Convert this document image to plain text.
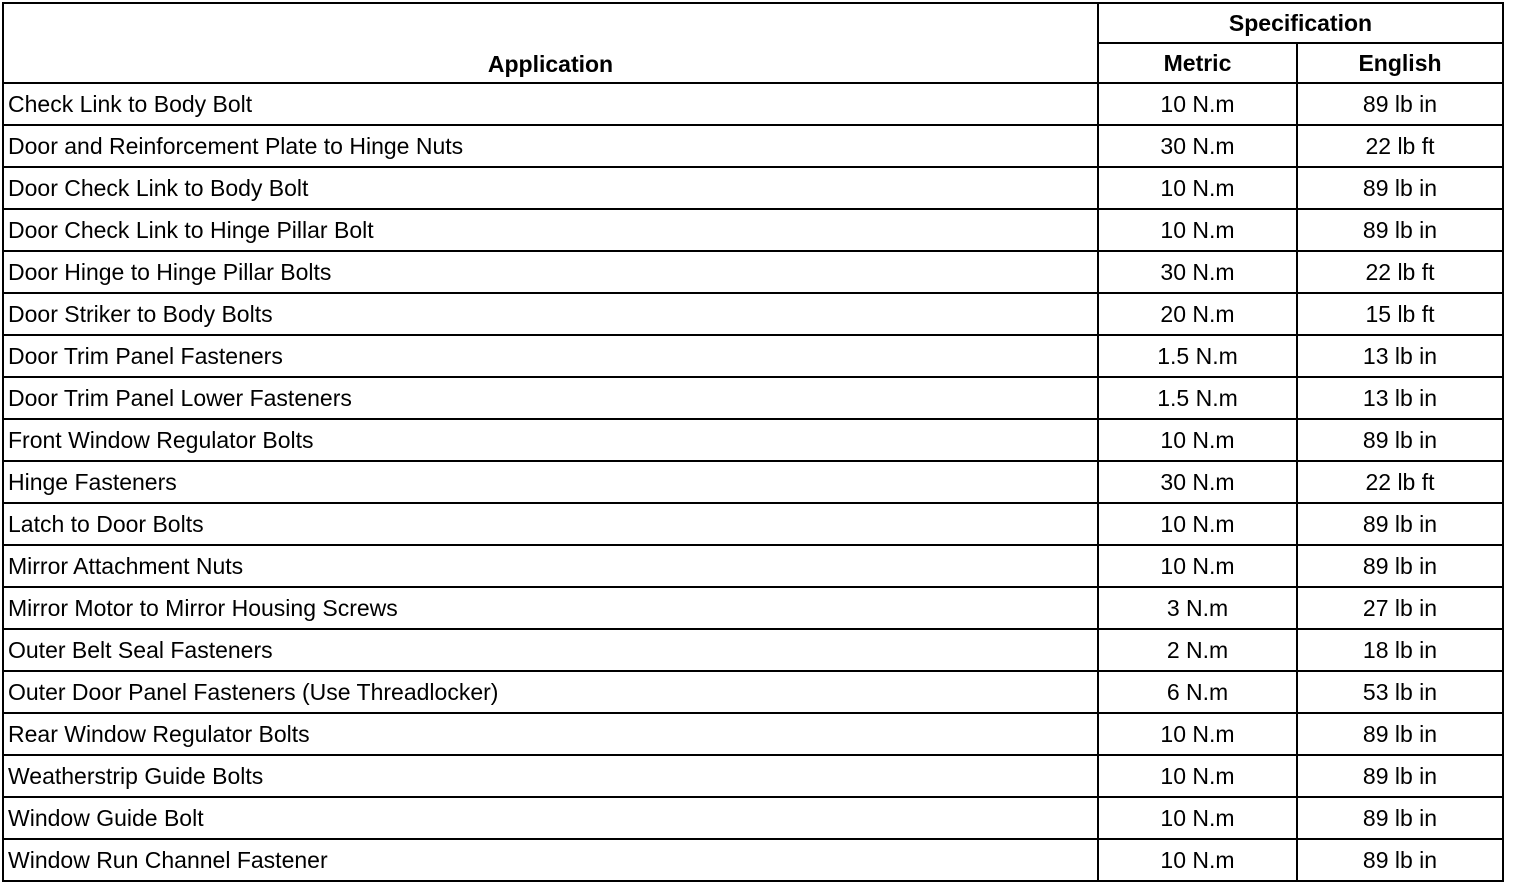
Application	Specification	
	Metric	English
Check Link to Body Bolt	10 N.m	89 lb in
Door and Reinforcement Plate to Hinge Nuts	30 N.m	22 lb ft
Door Check Link to Body Bolt	10 N.m	89 lb in
Door Check Link to Hinge Pillar Bolt	10 N.m	89 lb in
Door Hinge to Hinge Pillar Bolts	30 N.m	22 lb ft
Door Striker to Body Bolts	20 N.m	15 lb ft
Door Trim Panel Fasteners	1.5 N.m	13 lb in
Door Trim Panel Lower Fasteners	1.5 N.m	13 lb in
Front Window Regulator Bolts	10 N.m	89 lb in
Hinge Fasteners	30 N.m	22 lb ft
Latch to Door Bolts	10 N.m	89 lb in
Mirror Attachment Nuts	10 N.m	89 lb in
Mirror Motor to Mirror Housing Screws	3 N.m	27 lb in
Outer Belt Seal Fasteners	2 N.m	18 lb in
Outer Door Panel Fasteners (Use Threadlocker)	6 N.m	53 lb in
Rear Window Regulator Bolts	10 N.m	89 lb in
Weatherstrip Guide Bolts	10 N.m	89 lb in
Window Guide Bolt	10 N.m	89 lb in
Window Run Channel Fastener	10 N.m	89 lb in
